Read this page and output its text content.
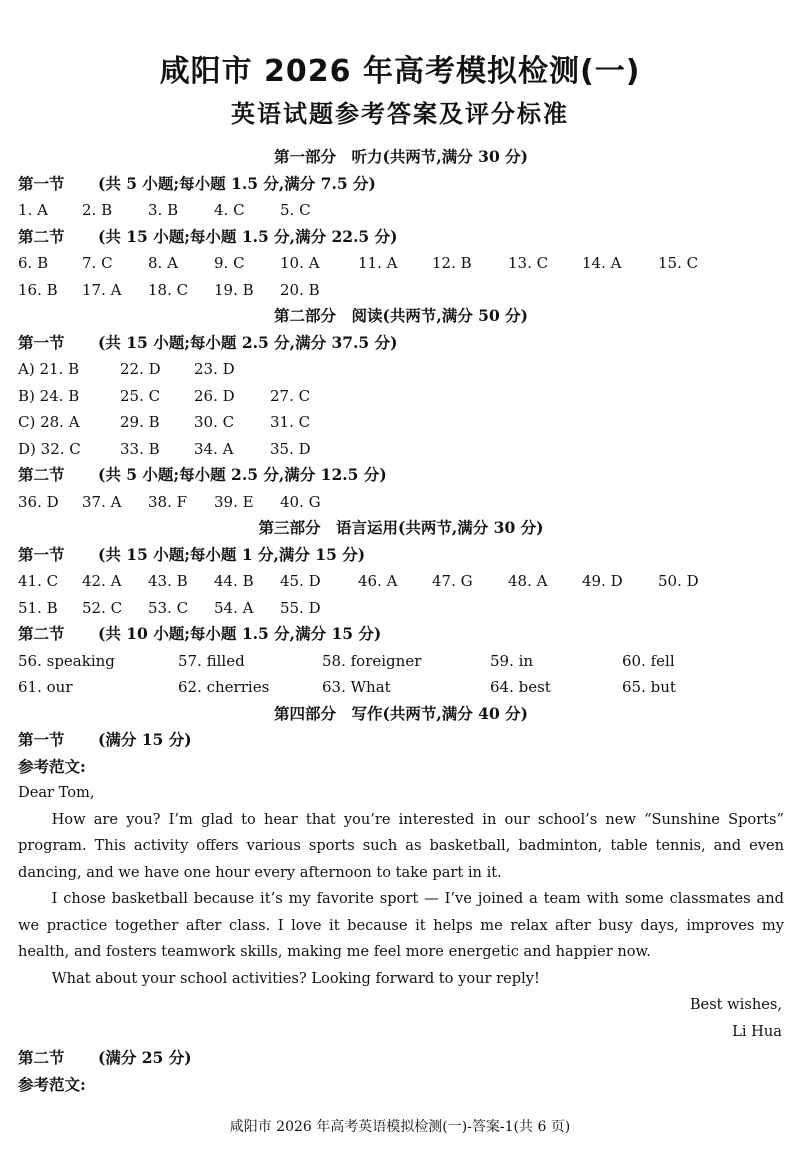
咸阳市 2026 年高考模拟检测(一)
英语试题参考答案及评分标准
第一部分　听力(共两节,满分 30 分)
第一节 (共 5 小题;每小题 1.5 分,满分 7.5 分)
1. A 2. B 3. B 4. C 5. C
第二节 (共 15 小题;每小题 1.5 分,满分 22.5 分)
6. B 7. C 8. A 9. C 10. A	11. A 12. B 13. C 14. A 15. C
16. B 17. A 18. C 19. B 20. B
第二部分　阅读(共两节,满分 50 分)
第一节 (共 15 小题;每小题 2.5 分,满分 37.5 分)
A) 21. B	22. D 23. D
B) 24. B	25. C 26. D 27. C
C) 28. A	29. B 30. C 31. C
D) 32. C	33. B 34. A 35. D
第二节 (共 5 小题;每小题 2.5 分,满分 12.5 分)
36. D 37. A 38. F 39. E 40. G
第三部分　语言运用(共两节,满分 30 分)
第一节 (共 15 小题;每小题 1 分,满分 15 分)
41. C 42. A 43. B 44. B 45. D 46. A 47. G 48. A 49. D 50. D
51. B 52. C 53. C 54. A 55. D
第二节 (共 10 小题;每小题 1.5 分,满分 15 分)
56. speaking	57. filled	58. foreigner	59. in	60. fell
61. our	62. cherries	63. What	64. best	65. but
第四部分　写作(共两节,满分 40 分)
第一节 (满分 15 分)
参考范文:
Dear Tom,

How are you? I’m glad to hear that you’re interested in our school’s new “Sunshine Sports” program. This activity offers various sports such as basketball, badminton, table tennis, and even dancing, and we have one hour every afternoon to take part in it.

I chose basketball because it’s my favorite sport — I’ve joined a team with some classmates and we practice together after class. I love it because it helps me relax after busy days, improves my health, and fosters teamwork skills, making me feel more energetic and happier now.

What about your school activities? Looking forward to your reply!

Best wishes,
Li Hua
第二节 (满分 25 分)
参考范文:
咸阳市 2026 年高考英语模拟检测(一)-答案-1(共 6 页)
